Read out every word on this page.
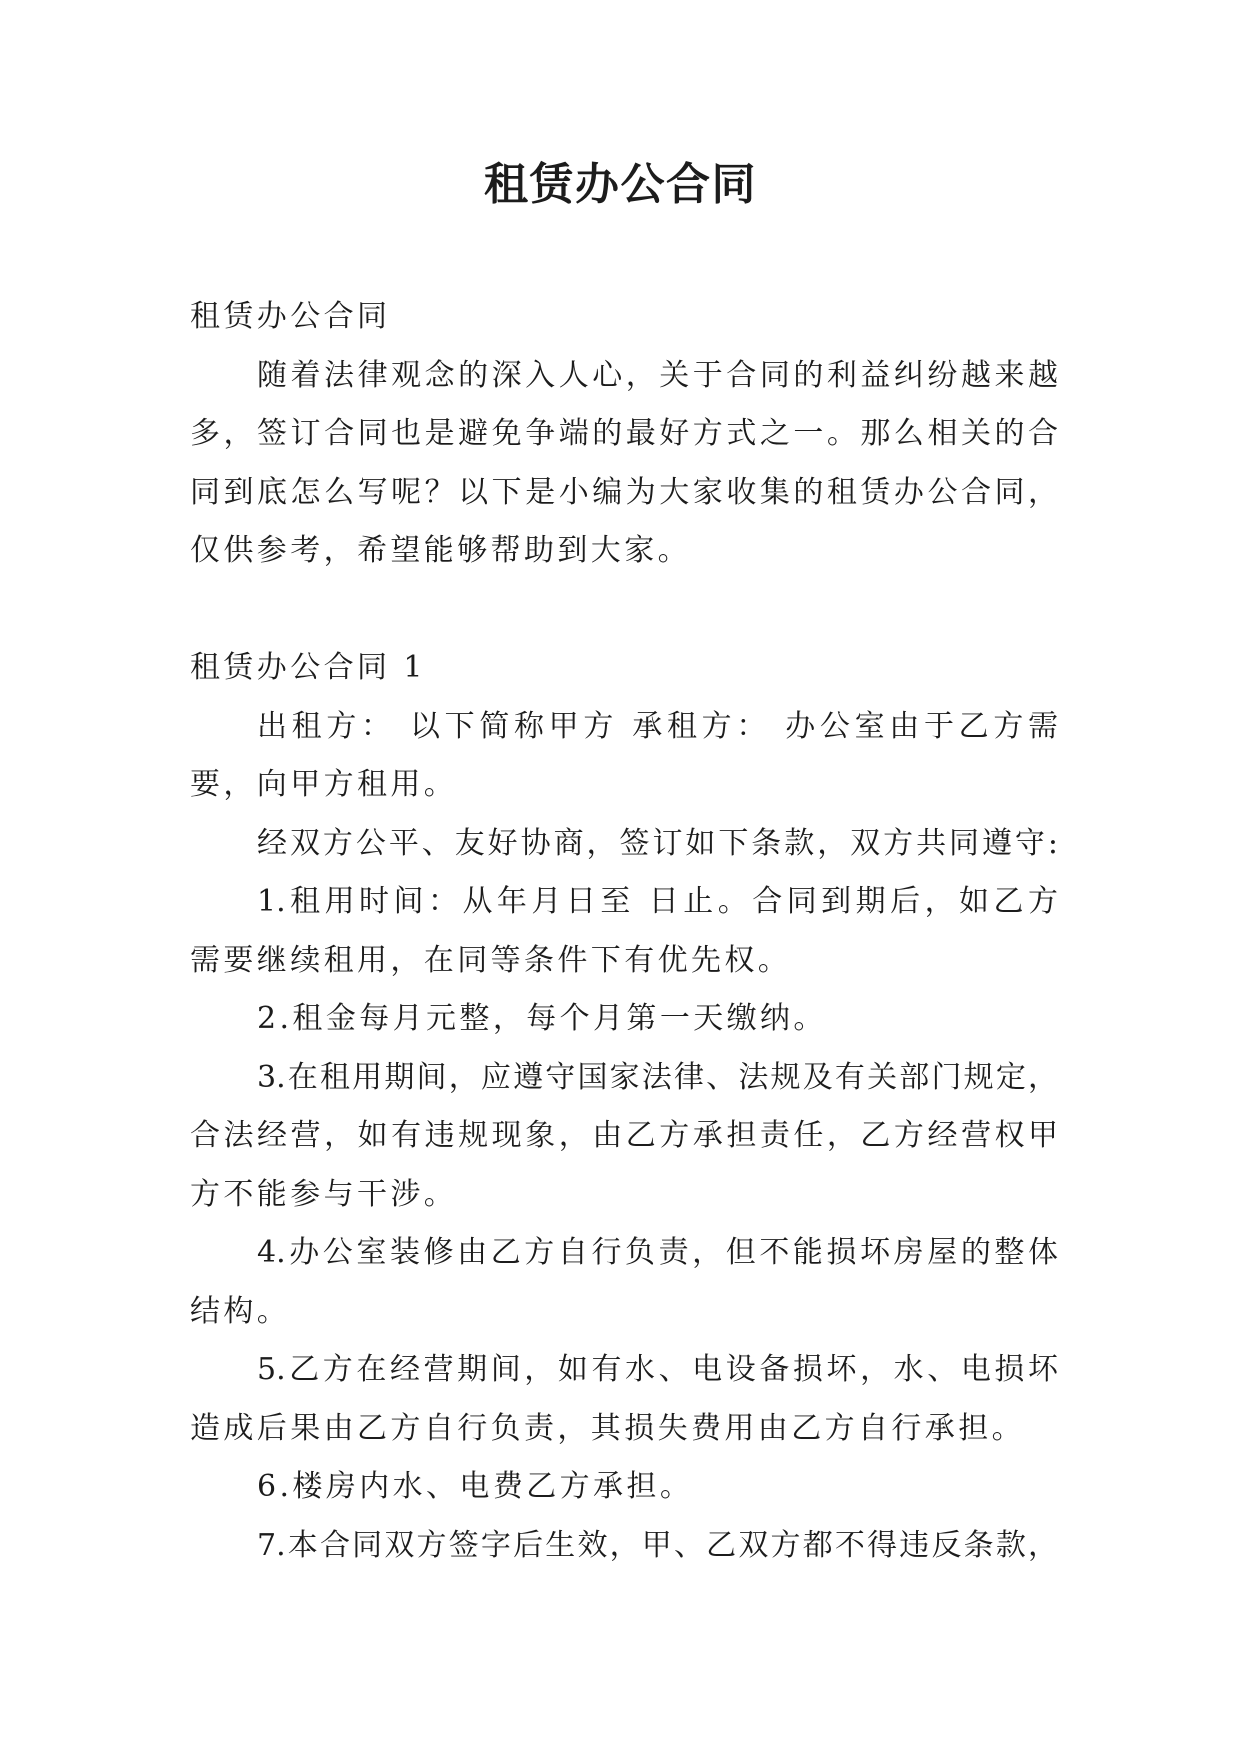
租赁办公合同
租赁办公合同
随着法律观念的深入人心，关于合同的利益纠纷越来越
多，签订合同也是避免争端的最好方式之一。那么相关的合
同到底怎么写呢？以下是小编为大家收集的租赁办公合同，
仅供参考，希望能够帮助到大家。
租赁办公合同 1
出租方： 以下简称甲方 承租方： 办公室由于乙方需
要，向甲方租用。
经双方公平、友好协商，签订如下条款，双方共同遵守:
1.租用时间：从年月日至 日止。合同到期后，如乙方
需要继续租用，在同等条件下有优先权。
2.租金每月元整，每个月第一天缴纳。
3.在租用期间，应遵守国家法律、法规及有关部门规定，
合法经营，如有违规现象，由乙方承担责任，乙方经营权甲
方不能参与干涉。
4.办公室装修由乙方自行负责，但不能损坏房屋的整体
结构。
5.乙方在经营期间，如有水、电设备损坏，水、电损坏
造成后果由乙方自行负责，其损失费用由乙方自行承担。
6.楼房内水、电费乙方承担。
7.本合同双方签字后生效，甲、乙双方都不得违反条款，
